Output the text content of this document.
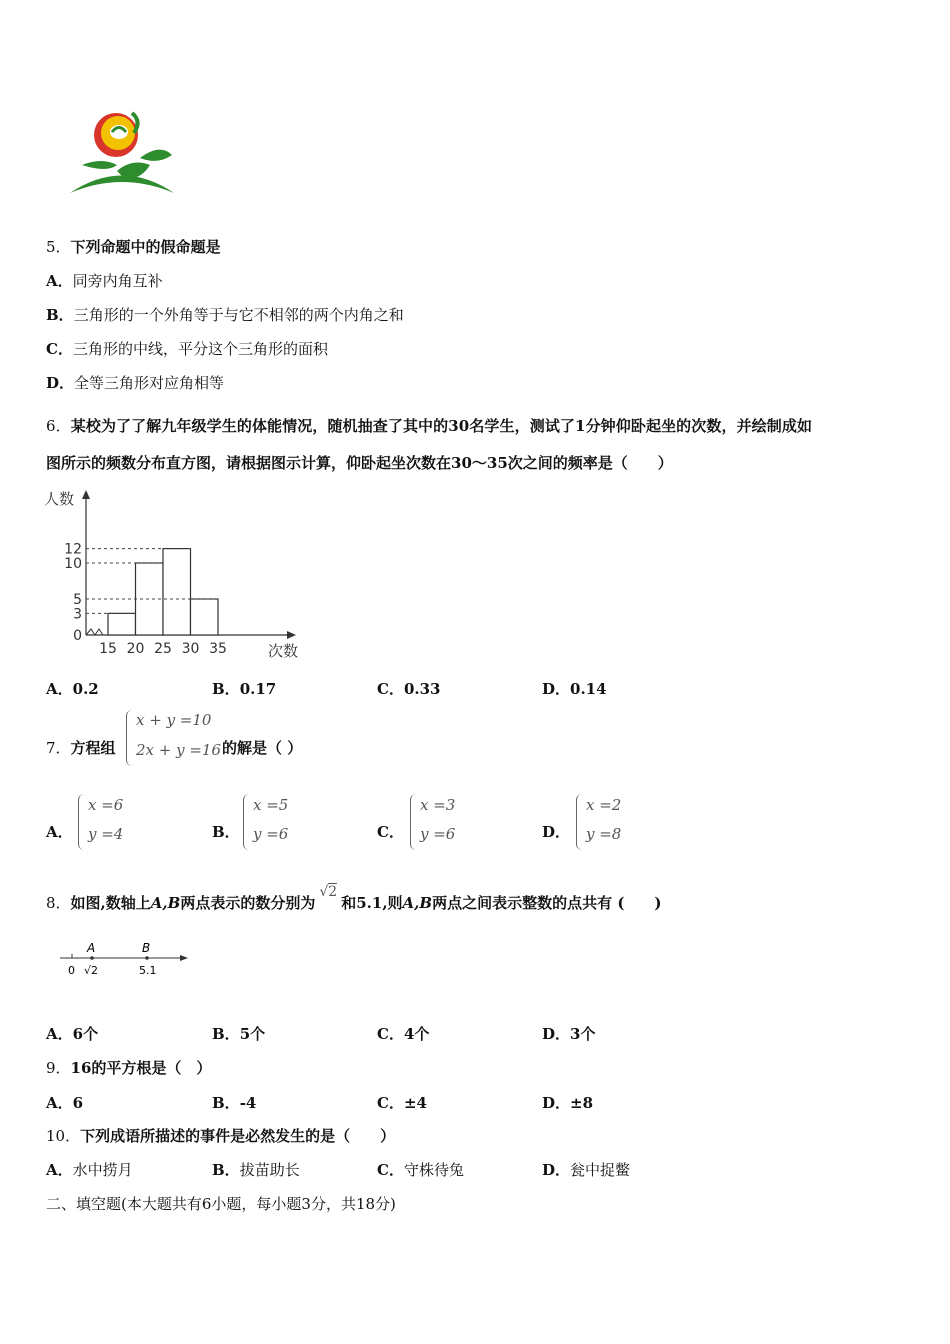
5．下列命题中的假命题是
A．同旁内角互补
B．三角形的一个外角等于与它不相邻的两个内角之和
C．三角形的中线，平分这个三角形的面积
D．全等三角形对应角相等
6．某校为了了解九年级学生的体能情况，随机抽查了其中的30名学生，测试了1分钟仰卧起坐的次数，并绘制成如
图所示的频数分布直方图，请根据图示计算，仰卧起坐次数在30～35次之间的频率是（　　）
0
3
5
10
12
15 20 25 30 35
人数
次数
A．0.2	B．0.17	C．0.33	D．0.14
7．方程组
x + y =10
2x + y =16 的解是（ ）
A．
x =6
y =4	B．
x =5
y =6	C．
x =3
y =6	D．
x =2
y =8
8．如图,数轴上A,B两点表示的数分别为√2和5.1,则A,B两点之间表示整数的点共有 (　　)
A	B
0 √2	5.1
A．6个	B．5个	C．4个	D．3个
9．16的平方根是（　）
A．6	B．-4	C．±4	D．±8
10．下列成语所描述的事件是必然发生的是（　　）
A．水中捞月	B．拔苗助长	C．守株待兔	D．瓮中捉鳖
二、填空题(本大题共有6小题，每小题3分，共18分)
